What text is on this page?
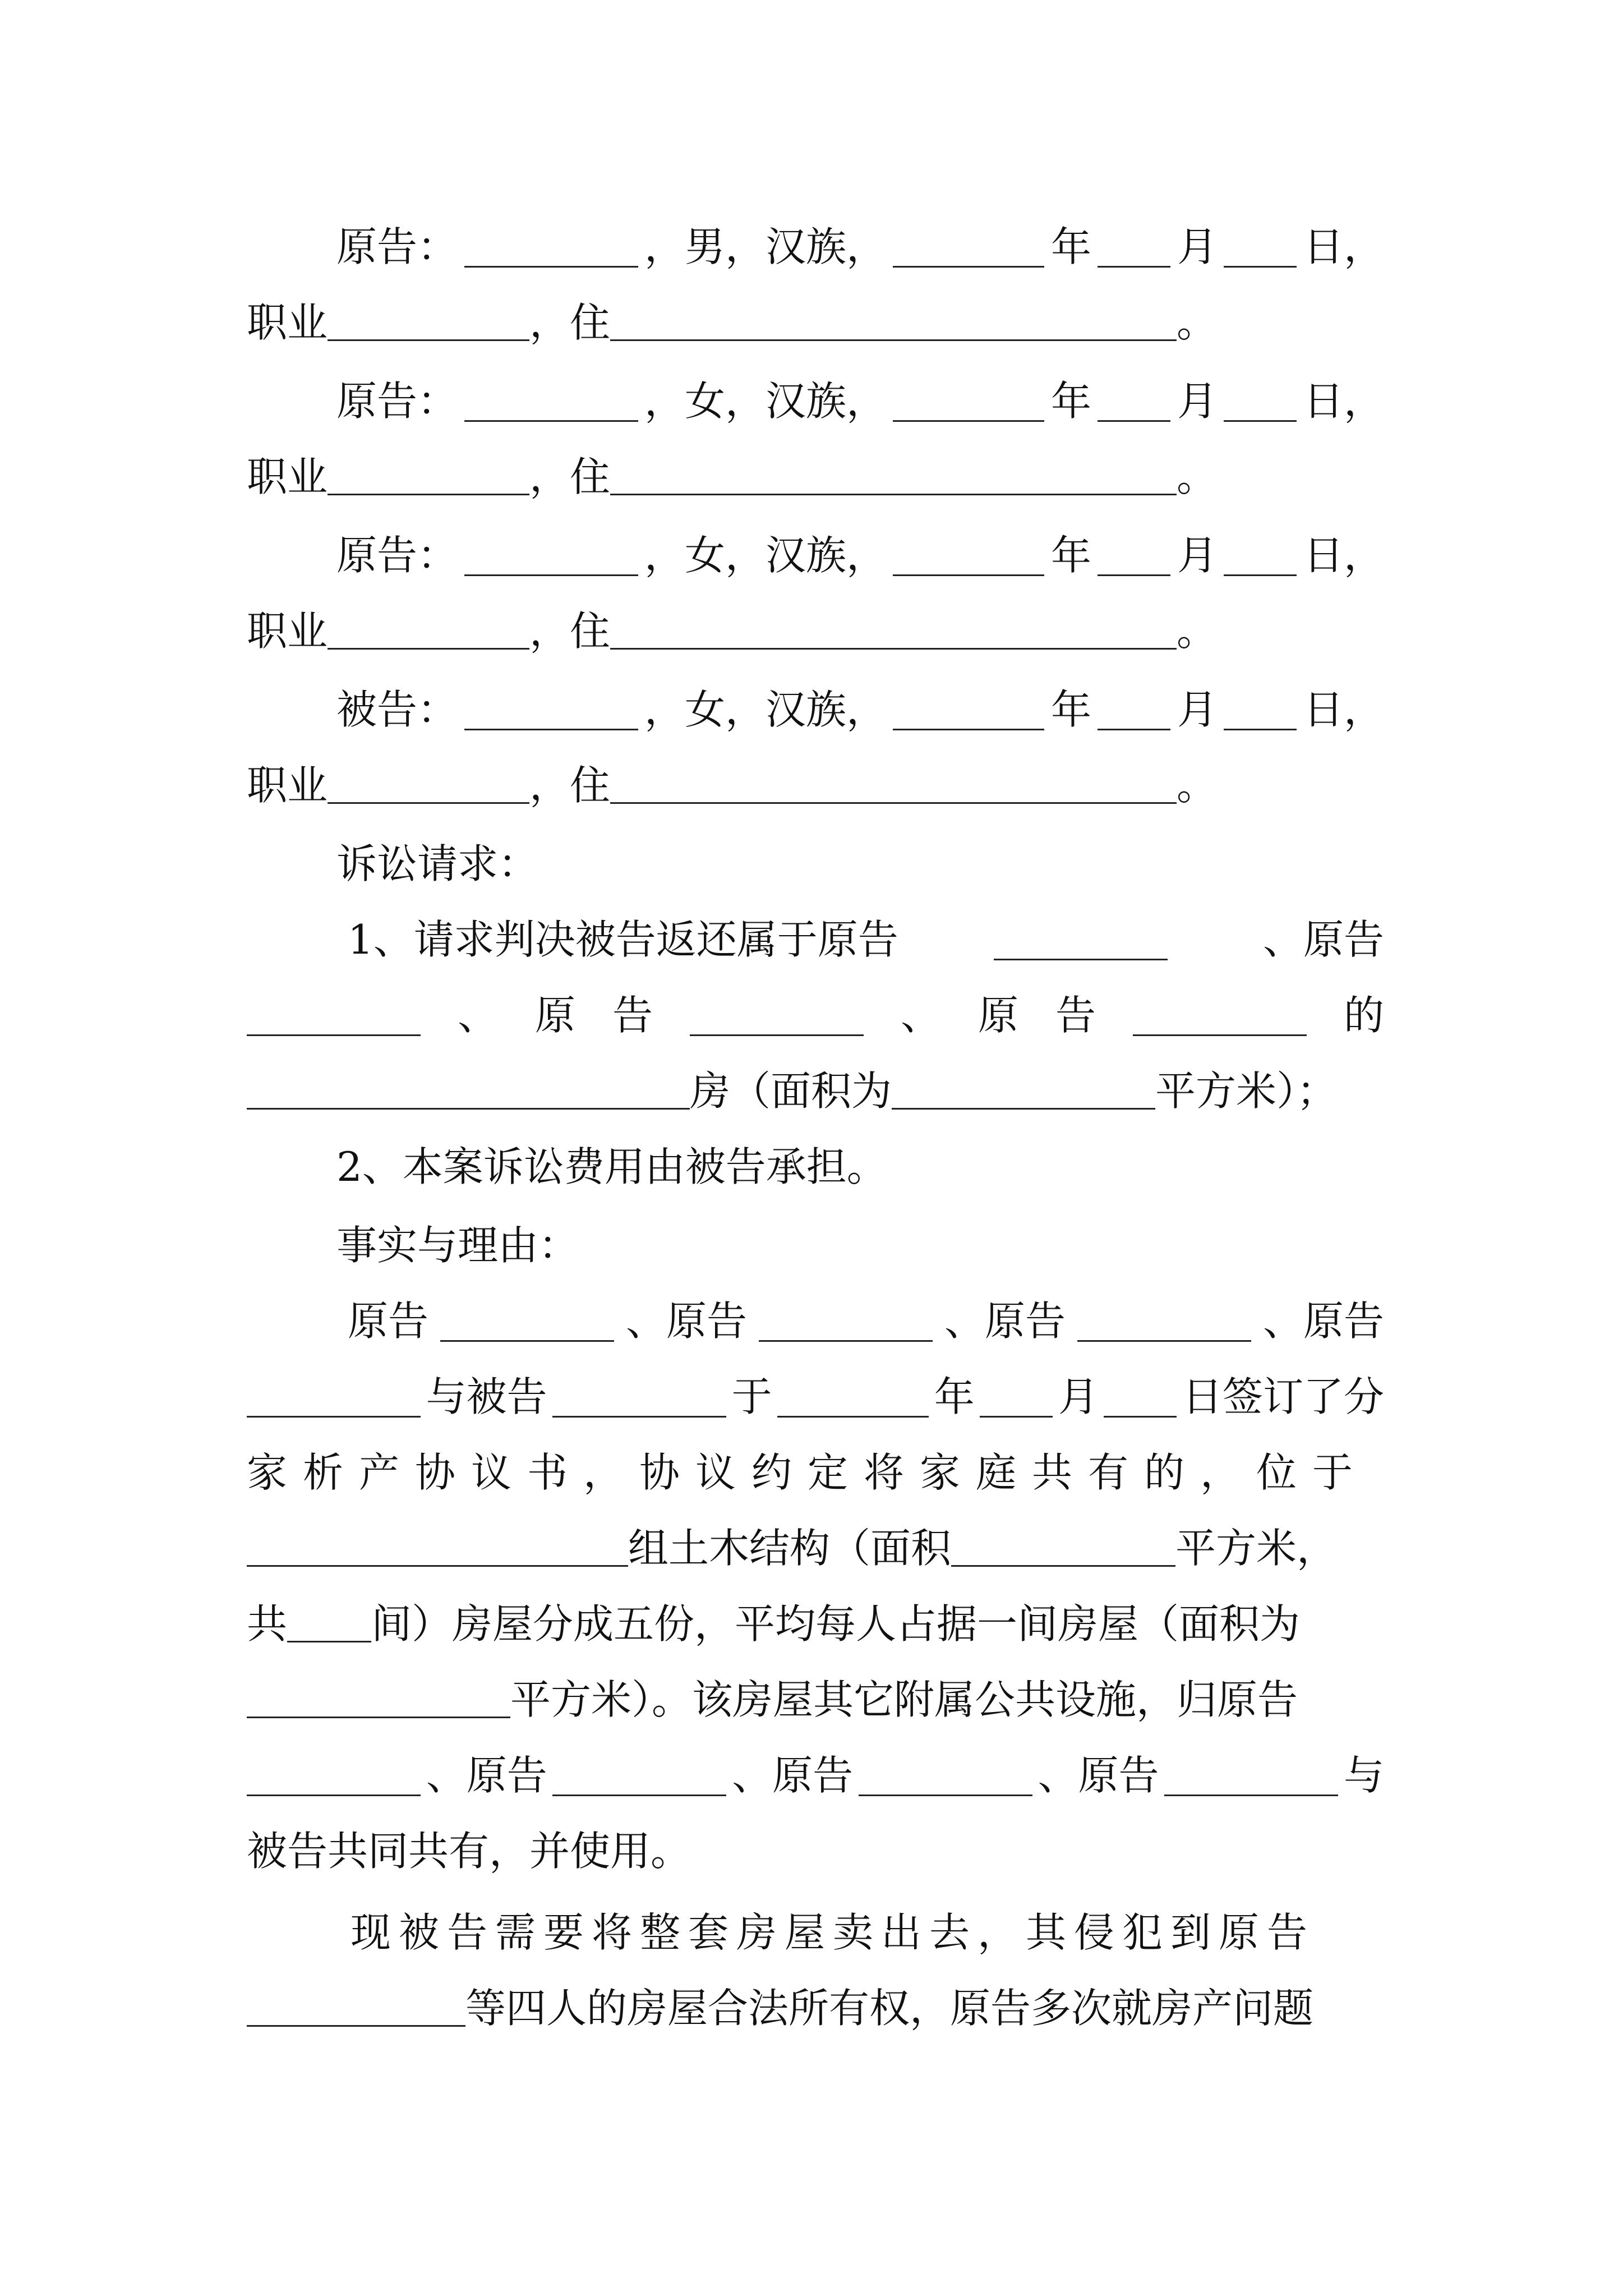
原告：	，男，汉族，	年 月 日，
职业	，住	。
原告：	，女，汉族，	年 月 日，
职业	，住	。
原告：	，女，汉族，	年 月 日，
职业	，住	。
被告：	，女，汉族，	年 月 日，
职业	，住	。
诉讼请求：
1、请求判决被告返还属于原告	、原告
、 原 告	、 原 告	的
房（面积为	平方米）；
2、本案诉讼费用由被告承担。
事实与理由：
原告	、原告	、原告	、原告
与被告	于	年 月 日签订了分
家析产协议书，协议约定将家庭共有的，位于
组土木结构（面积	平方米，
共 间）房屋分成五份，平均每人占据一间房屋（面积为
平方米）。该房屋其它附属公共设施，归原告
、原告	、原告	、原告	与
被告共同共有，并使用。
现被告需要将整套房屋卖出去，其侵犯到原告
等四人的房屋合法所有权，原告多次就房产问题
